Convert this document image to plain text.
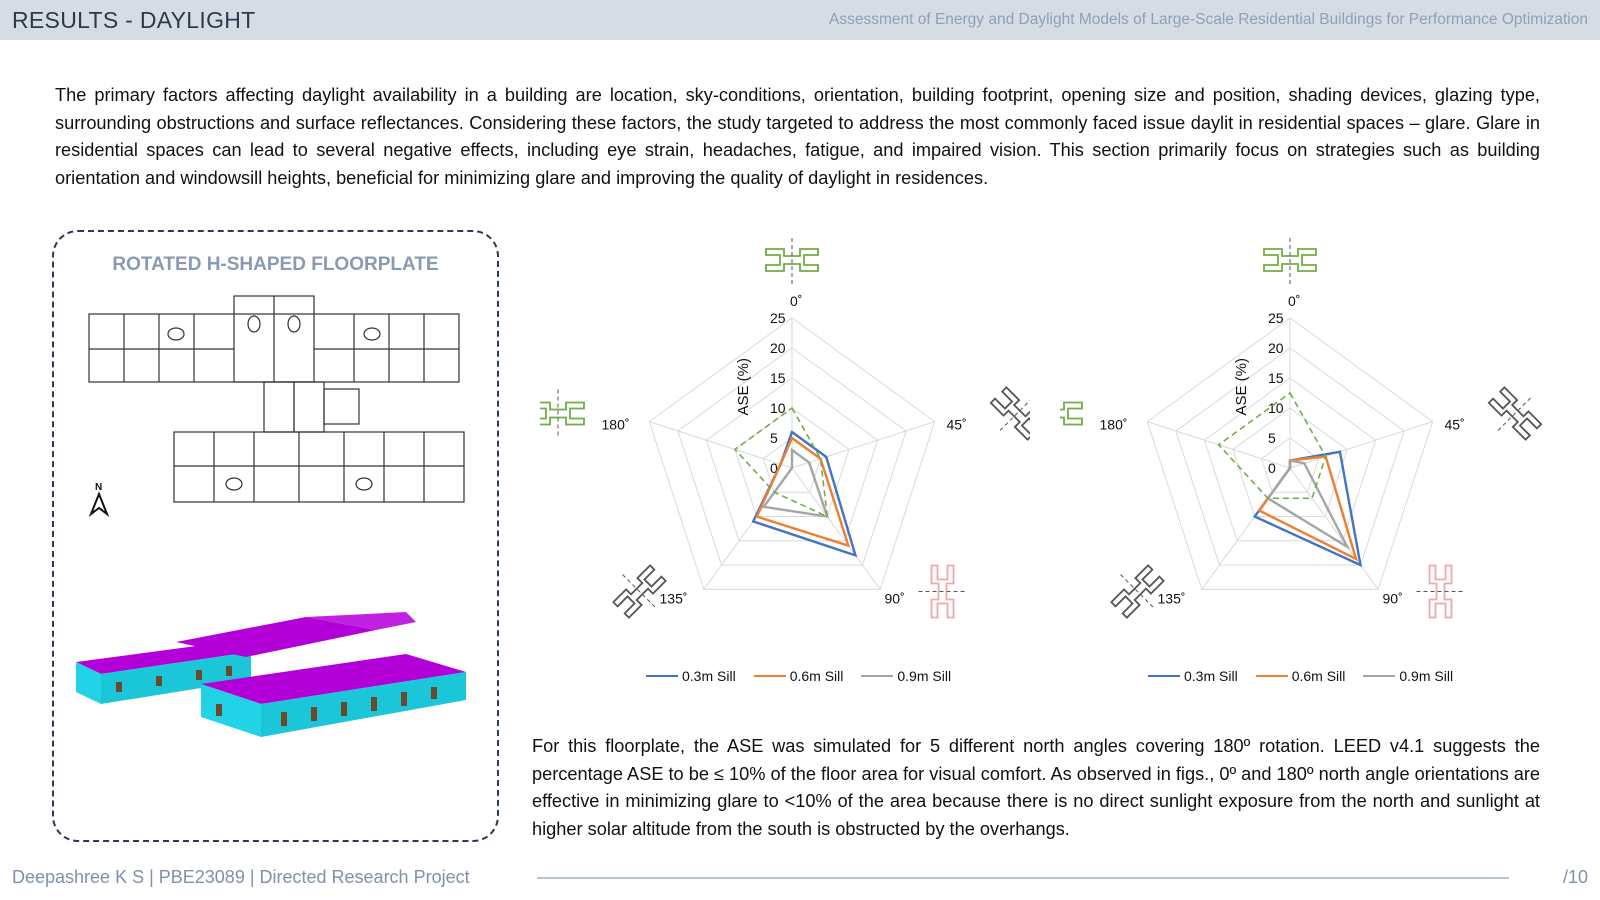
RESULTS - DAYLIGHT	Assessment of Energy and Daylight Models of Large-Scale Residential Buildings for Performance Optimization

The primary factors affecting daylight availability in a building are location, sky-conditions, orientation, building footprint, opening size and position, shading devices, glazing type, surrounding obstructions and surface reflectances. Considering these factors, the study targeted to address the most commonly faced issue daylit in residential spaces – glare. Glare in residential spaces can lead to several negative effects, including eye strain, headaches, fatigue, and impaired vision. This section primarily focus on strategies such as building orientation and windowsill heights, beneficial for minimizing glare and improving the quality of daylight in residences.

ROTATED H-SHAPED FLOORPLATE
N
0
5
10
15
20
25
ASE (%)
0˚
45˚
90˚
135˚
180˚
0
5
10
15
20
25
ASE (%)
0˚
45˚
90˚
135˚
180˚
0.3m Sill	0.6m Sill	0.9m Sill	0.3m Sill	0.6m Sill	0.9m Sill

For this floorplate, the ASE was simulated for 5 different north angles covering 180º rotation. LEED v4.1 suggests the percentage ASE to be ≤ 10% of the floor area for visual comfort. As observed in figs., 0º and 180º north angle orientations are effective in minimizing glare to <10% of the area because there is no direct sunlight exposure from the north and sunlight at higher solar altitude from the south is obstructed by the overhangs.

Deepashree K S | PBE23089 | Directed Research Project	/10
